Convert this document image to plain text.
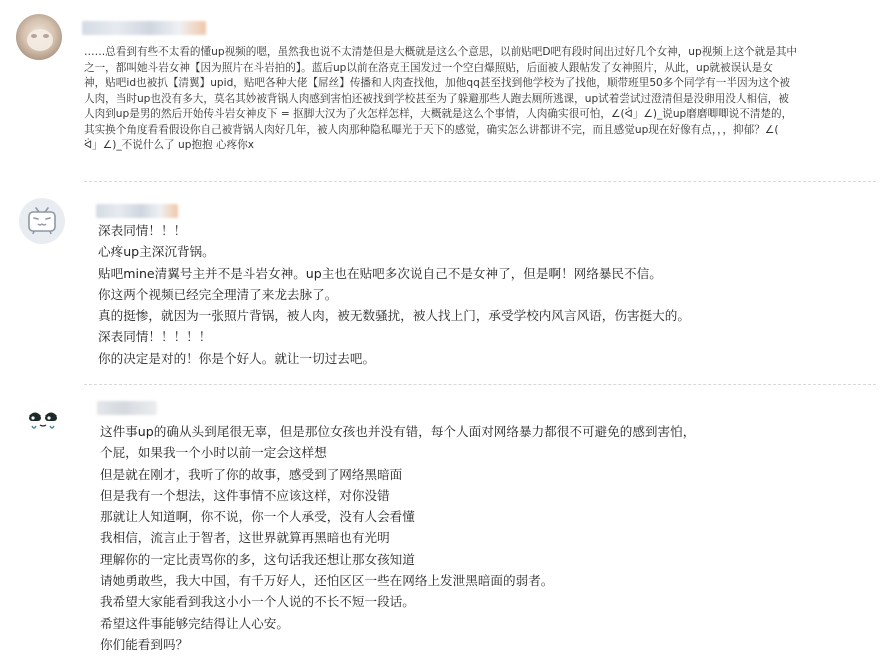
……总看到有些不太看的懂up视频的嗯，虽然我也说不太清楚但是大概就是这么个意思，以前贴吧D吧有段时间出过好几个女神，up视频上这个就是其中
之一，都叫她斗岩女神【因为照片在斗岩拍的】。蓝后up以前在洛克王国发过一个空白爆照贴，后面被人跟帖发了女神照片，从此，up就被误认是女
神，贴吧id也被扒【清翼】upid，贴吧各种大佬【屌丝】传播和人肉查找他，加他qq甚至找到他学校为了找他，顺带班里50多个同学有一半因为这个被
人肉，当时up也没有多大，莫名其妙被背锅人肉感到害怕还被找到学校甚至为了躲避那些人跑去厕所逃课，up试着尝试过澄清但是没卵用没人相信，被
人肉到up是男的然后开始传斗岩女神皮下 = 抠脚大汉为了火怎样怎样，大概就是这么个事情，人肉确实很可怕，∠(ᐛ」∠)_说up磨磨唧唧说不清楚的，
其实换个角度看看假设你自己被背锅人肉好几年，被人肉那种隐私曝光于天下的感觉，确实怎么讲都讲不完，而且感觉up现在好像有点，，，抑郁？∠(
ᐛ」∠)_不说什么了 up抱抱 心疼你x
深表同情！！！
心疼up主深沉背锅。
贴吧mine清翼号主并不是斗岩女神。up主也在贴吧多次说自己不是女神了，但是啊！网络暴民不信。
你这两个视频已经完全理清了来龙去脉了。
真的挺惨，就因为一张照片背锅，被人肉，被无数骚扰，被人找上门，承受学校内风言风语，伤害挺大的。
深表同情！！！！！
你的决定是对的！你是个好人。就让一切过去吧。
这件事up的确从头到尾很无辜，但是那位女孩也并没有错，每个人面对网络暴力都很不可避免的感到害怕，
个屁，如果我一个小时以前一定会这样想
但是就在刚才，我听了你的故事，感受到了网络黑暗面
但是我有一个想法，这件事情不应该这样，对你没错
那就让人知道啊，你不说，你一个人承受，没有人会看懂
我相信，流言止于智者，这世界就算再黑暗也有光明
理解你的一定比责骂你的多，这句话我还想让那女孩知道
请她勇敢些，我大中国，有千万好人，还怕区区一些在网络上发泄黑暗面的弱者。
我希望大家能看到我这小小一个人说的不长不短一段话。
希望这件事能够完结得让人心安。
你们能看到吗？
